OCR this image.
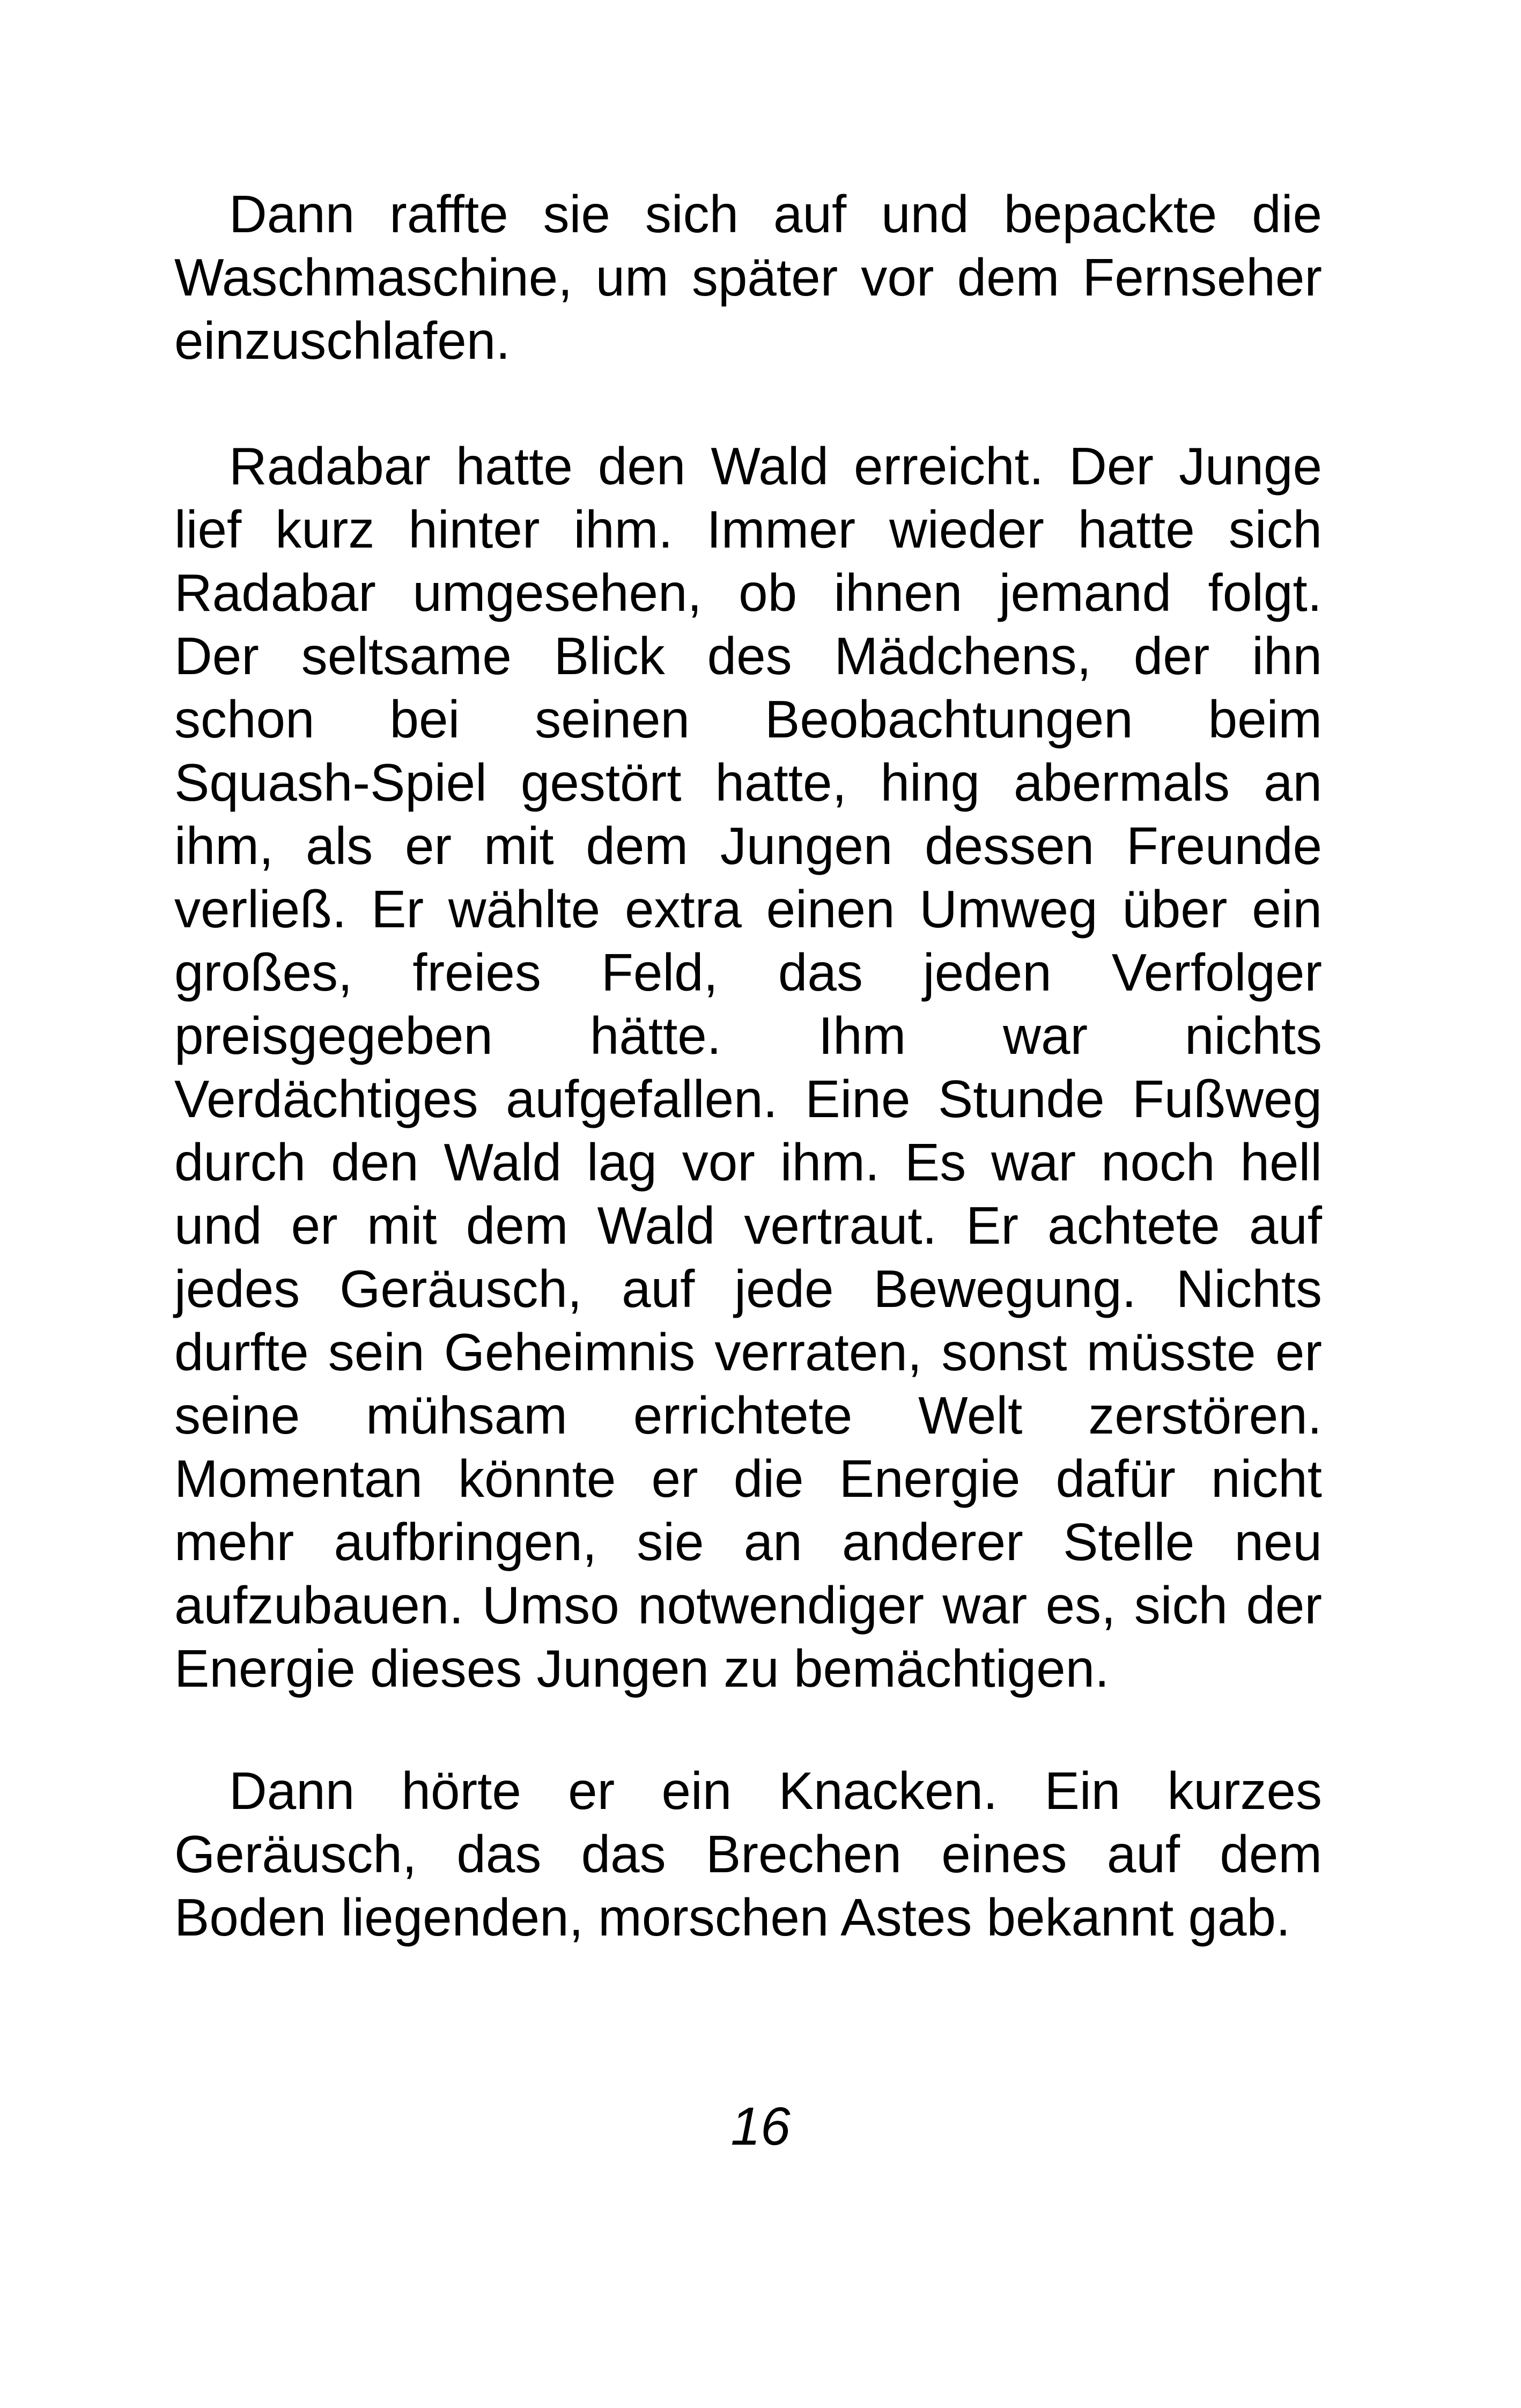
Dann raffte sie sich auf und bepackte die
Waschmaschine, um später vor dem Fernseher
einzuschlafen.
Radabar hatte den Wald erreicht. Der Junge
lief kurz hinter ihm. Immer wieder hatte sich
Radabar umgesehen, ob ihnen jemand folgt.
Der seltsame Blick des Mädchens, der ihn
schon bei seinen Beobachtungen beim
Squash-Spiel gestört hatte, hing abermals an
ihm, als er mit dem Jungen dessen Freunde
verließ. Er wählte extra einen Umweg über ein
großes, freies Feld, das jeden Verfolger
preisgegeben hätte. Ihm war nichts
Verdächtiges aufgefallen. Eine Stunde Fußweg
durch den Wald lag vor ihm. Es war noch hell
und er mit dem Wald vertraut. Er achtete auf
jedes Geräusch, auf jede Bewegung. Nichts
durfte sein Geheimnis verraten, sonst müsste er
seine mühsam errichtete Welt zerstören.
Momentan könnte er die Energie dafür nicht
mehr aufbringen, sie an anderer Stelle neu
aufzubauen. Umso notwendiger war es, sich der
Energie dieses Jungen zu bemächtigen.
Dann hörte er ein Knacken. Ein kurzes
Geräusch, das das Brechen eines auf dem
Boden liegenden, morschen Astes bekannt gab.
16
